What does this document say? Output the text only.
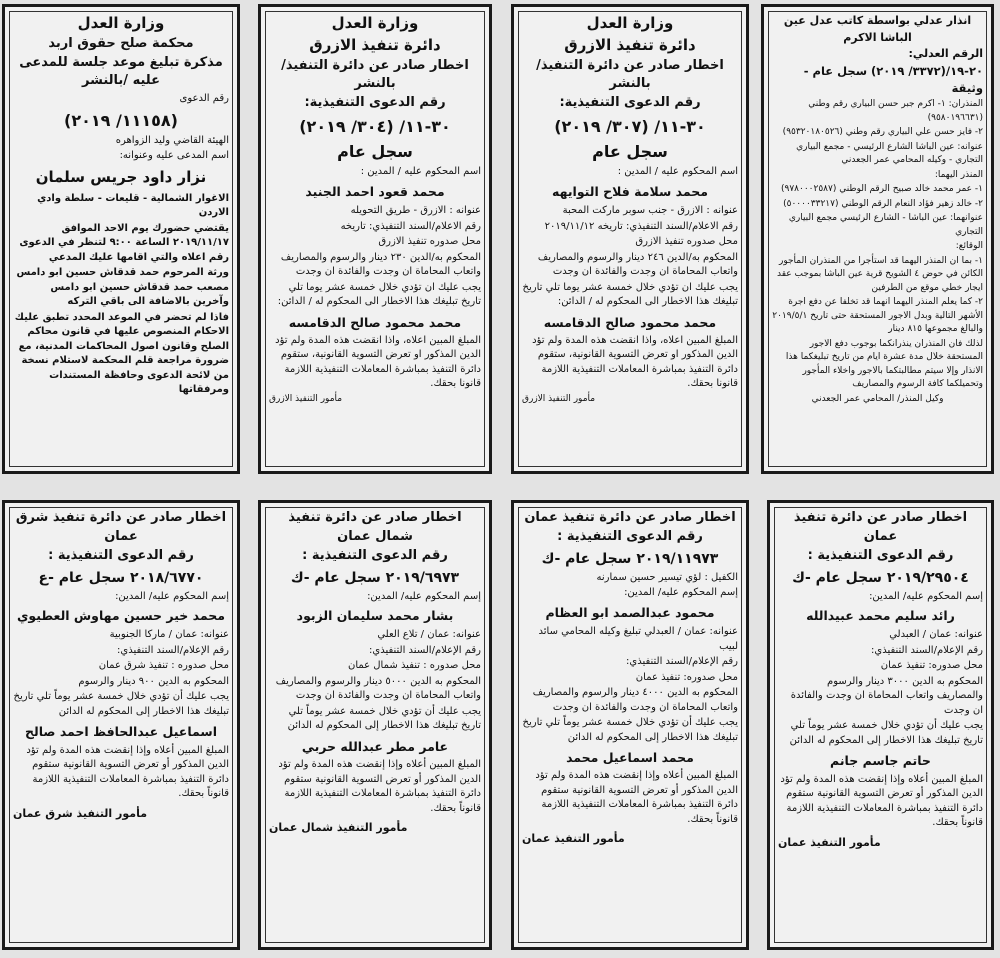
انذار عدلي بواسطة كاتب عدل عين الباشا الاكرم
الرقم العدلي:
٢٠-١٩/(٣٣٧٢/ ٢٠١٩) سجل عام - وثيقة
المنذران: ١- اكرم جبر حسن البياري رقم وطني (٩٥٨٠١٩٦٦٣١)
٢- فايز حسن علي البياري رقم وطني (٩٥٣٢٠١٨٠٥٢٦)
عنوانه: عين الباشا الشارع الرئيسي - مجمع البياري التجاري - وكيله المحامي عمر الجعدني
المنذر اليهما:
١- عمر محمد خالد صبيح الرقم الوطني (٩٧٨٠٠٠٢٥٨٧)
٢- خالد زهير فؤاد النعام الرقم الوطني (٥٠٠٠٠٣٣٢١٧)
عنوانهما: عين الباشا - الشارع الرئيسي مجمع البياري التجاري
الوقائع:
١- بما ان المنذر اليهما قد استأجرا من المنذران المأجور الكائن في حوض ٤ الشويخ قرية عين الباشا بموجب عقد ايجار خطي موقع من الطرفين
٢- كما يعلم المنذر اليهما انهما قد تخلفا عن دفع اجرة الأشهر التالية وبدل الاجور المستحقة حتى تاريخ ٢٠١٩/٥/١ والبالغ مجموعها ٨١٥ دينار
لذلك فان المنذران ينذرانكما بوجوب دفع الاجور المستحقة خلال مدة عشرة ايام من تاريخ تبليغكما هذا الانذار وإلا سيتم مطالبتكما بالاجور واخلاء المأجور وتحميلكما كافة الرسوم والمصاريف
وكيل المنذر/ المحامي عمر الجعدني
وزارة العدل
دائرة تنفيذ الازرق
اخطار صادر عن دائرة التنفيذ/بالنشر
رقم الدعوى التنفيذية:
٣٠-١١/ (٣٠٧/ ٢٠١٩)
سجل عام
اسم المحكوم عليه / المدين :
محمد سلامة فلاح التوايهه
عنوانه : الازرق - جنب سوبر ماركت المحبة
رقم الاعلام/السند التنفيذي: تاريخه ٢٠١٩/١١/١٢
محل صدوره تنفيذ الازرق
المحكوم به/الدين ٢٤٦ دينار والرسوم والمصاريف واتعاب المحاماة ان وجدت والفائدة ان وجدت
يجب عليك ان تؤدي خلال خمسة عشر يوما تلي تاريخ تبليغك هذا الاخطار الى المحكوم له / الدائن:
محمد محمود صالح الدقامسه
المبلغ المبين اعلاه، واذا انقضت هذه المدة ولم تؤد الدين المذكور او تعرض التسوية القانونية، ستقوم دائرة التنفيذ بمباشرة المعاملات التنفيذية اللازمة قانونا بحقك.
مأمور التنفيذ الازرق
وزارة العدل
دائرة تنفيذ الازرق
اخطار صادر عن دائرة التنفيذ/بالنشر
رقم الدعوى التنفيذية:
٣٠-١١/ (٣٠٤/ ٢٠١٩)
سجل عام
اسم المحكوم عليه / المدين :
محمد قعود احمد الجنيد
عنوانه : الازرق - طريق التحويله
رقم الاعلام/السند التنفيذي: تاريخه
محل صدوره تنفيذ الازرق
المحكوم به/الدين ٢٣٠ دينار والرسوم والمصاريف واتعاب المحاماة ان وجدت والفائدة ان وجدت
يجب عليك ان تؤدي خلال خمسة عشر يوما تلي تاريخ تبليغك هذا الاخطار الى المحكوم له / الدائن:
محمد محمود صالح الدقامسه
المبلغ المبين اعلاه، واذا انقضت هذه المدة ولم تؤد الدين المذكور او تعرض التسوية القانونية، ستقوم دائرة التنفيذ بمباشرة المعاملات التنفيذية اللازمة قانونا بحقك.
مأمور التنفيذ الازرق
وزارة العدل
محكمة صلح حقوق اربد
مذكرة تبليغ موعد جلسة للمدعى عليه /بالنشر
رقم الدعوى
(١١١٥٨/ ٢٠١٩)
الهيئة القاضي وليد الزواهره
اسم المدعى عليه وعنوانه:
نزار داود جريس سلمان
الاغوار الشمالية - قليعات - سلطة وادي الاردن
يقتضي حضورك يوم الاحد الموافق ٢٠١٩/١١/١٧ الساعة ٩:٠٠ لتنظر في الدعوى رقم اعلاه والتي اقامها عليك المدعي
ورثة المرحوم حمد قدقاش حسين ابو دامس مصعب حمد قدقاش حسين ابو دامس وآخرين بالاضافة الى باقي التركه
فاذا لم تحضر في الموعد المحدد تطبق عليك الاحكام المنصوص عليها في قانون محاكم الصلح وقانون اصول المحاكمات المدنية، مع ضرورة مراجعة قلم المحكمة لاستلام نسخة من لائحة الدعوى وحافظة المستندات ومرفقاتها
اخطار صادر عن دائرة تنفيذ عمان
رقم الدعوى التنفيذية :
٢٠١٩/٢٩٥٠٤ سجل عام -ك
إسم المحكوم عليه/ المدين:
رائد سليم محمد عبيدالله
عنوانه: عمان / العبدلي
رقم الإعلام/السند التنفيذي:
محل صدوره: تنفيذ عمان
المحكوم به الدين ٣٠٠٠ دينار والرسوم والمصاريف واتعاب المحاماة ان وجدت والفائدة ان وجدت
يجب عليك أن تؤدي خلال خمسة عشر يوماً تلي تاريخ تبليغك هذا الاخطار إلى المحكوم له الدائن
حاتم جاسم جانم
المبلغ المبين أعلاه وإذا إنقضت هذه المدة ولم تؤد الدين المذكور أو تعرض التسوية القانونية ستقوم دائرة التنفيذ بمباشرة المعاملات التنفيذية اللازمة قانوناً بحقك.
مأمور التنفيذ عمان
اخطار صادر عن دائرة تنفيذ عمان
رقم الدعوى التنفيذية :
٢٠١٩/١١٩٧٣ سجل عام -ك
الكفيل : لؤي تيسير حسين سمارنه
إسم المحكوم عليه/ المدين:
محمود عبدالصمد ابو العظام
عنوانه: عمان / العبدلي تبليغ وكيله المحامي سائد لبيب
رقم الإعلام/السند التنفيذي:
محل صدوره: تنفيذ عمان
المحكوم به الدين ٤٠٠٠ دينار والرسوم والمصاريف واتعاب المحاماة ان وجدت والفائدة ان وجدت
يجب عليك أن تؤدي خلال خمسة عشر يوماً تلي تاريخ تبليغك هذا الاخطار إلى المحكوم له الدائن
محمد اسماعيل محمد
المبلغ المبين أعلاه وإذا إنقضت هذه المدة ولم تؤد الدين المذكور أو تعرض التسوية القانونية ستقوم دائرة التنفيذ بمباشرة المعاملات التنفيذية اللازمة قانوناً بحقك.
مأمور التنفيذ عمان
اخطار صادر عن دائرة تنفيذ شمال عمان
رقم الدعوى التنفيذية :
٢٠١٩/٦٩٧٣ سجل عام -ك
إسم المحكوم عليه/ المدين:
بشار محمد سليمان الزبود
عنوانه: عمان / تلاع العلي
رقم الإعلام/السند التنفيذي:
محل صدوره : تنفيذ شمال عمان
المحكوم به الدين ٥٠٠٠ دينار والرسوم والمصاريف واتعاب المحاماة ان وجدت والفائدة ان وجدت
يجب عليك أن تؤدي خلال خمسة عشر يوماً تلي تاريخ تبليغك هذا الاخطار إلى المحكوم له الدائن
عامر مطر عبدالله حربي
المبلغ المبين أعلاه وإذا إنقضت هذه المدة ولم تؤد الدين المذكور أو تعرض التسوية القانونية ستقوم دائرة التنفيذ بمباشرة المعاملات التنفيذية اللازمة قانوناً بحقك.
مأمور التنفيذ شمال عمان
اخطار صادر عن دائرة تنفيذ شرق عمان
رقم الدعوى التنفيذية :
٢٠١٨/٦٧٧٠ سجل عام -ع
إسم المحكوم عليه/ المدين:
محمد خير حسين مهاوش العطيوي
عنوانه: عمان / ماركا الجنوبية
رقم الإعلام/السند التنفيذي:
محل صدوره : تنفيذ شرق عمان
المحكوم به الدين ٩٠٠ دينار والرسوم
يجب عليك أن تؤدي خلال خمسة عشر يوماً تلي تاريخ تبليغك هذا الاخطار إلى المحكوم له الدائن
اسماعيل عبدالحافظ احمد صالح
المبلغ المبين أعلاه وإذا إنقضت هذه المدة ولم تؤد الدين المذكور أو تعرض التسوية القانونية ستقوم دائرة التنفيذ بمباشرة المعاملات التنفيذية اللازمة قانوناً بحقك.
مأمور التنفيذ شرق عمان
